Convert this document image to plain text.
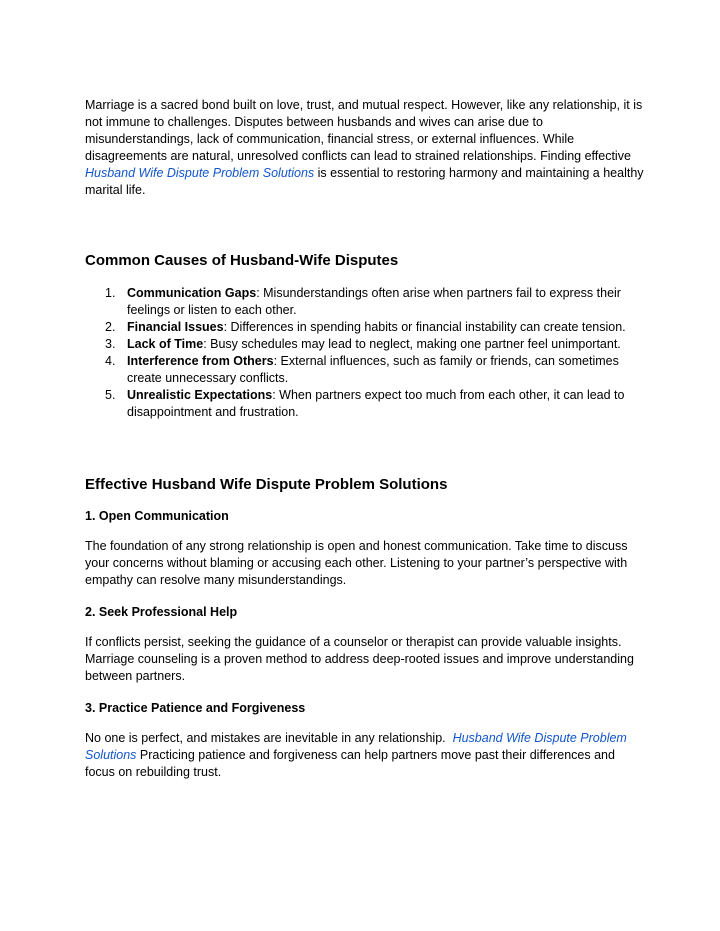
Marriage is a sacred bond built on love, trust, and mutual respect. However, like any relationship, it is not immune to challenges. Disputes between husbands and wives can arise due to misunderstandings, lack of communication, financial stress, or external influences. While disagreements are natural, unresolved conflicts can lead to strained relationships. Finding effective Husband Wife Dispute Problem Solutions is essential to restoring harmony and maintaining a healthy marital life.

Common Causes of Husband-Wife Disputes
1. Communication Gaps: Misunderstandings often arise when partners fail to express their feelings or listen to each other.
2. Financial Issues: Differences in spending habits or financial instability can create tension.
3. Lack of Time: Busy schedules may lead to neglect, making one partner feel unimportant.
4. Interference from Others: External influences, such as family or friends, can sometimes create unnecessary conflicts.
5. Unrealistic Expectations: When partners expect too much from each other, it can lead to disappointment and frustration.
Effective Husband Wife Dispute Problem Solutions
1. Open Communication

The foundation of any strong relationship is open and honest communication. Take time to discuss your concerns without blaming or accusing each other. Listening to your partner’s perspective with empathy can resolve many misunderstandings.

2. Seek Professional Help

If conflicts persist, seeking the guidance of a counselor or therapist can provide valuable insights. Marriage counseling is a proven method to address deep-rooted issues and improve understanding between partners.

3. Practice Patience and Forgiveness

No one is perfect, and mistakes are inevitable in any relationship.  Husband Wife Dispute Problem Solutions Practicing patience and forgiveness can help partners move past their differences and focus on rebuilding trust.
